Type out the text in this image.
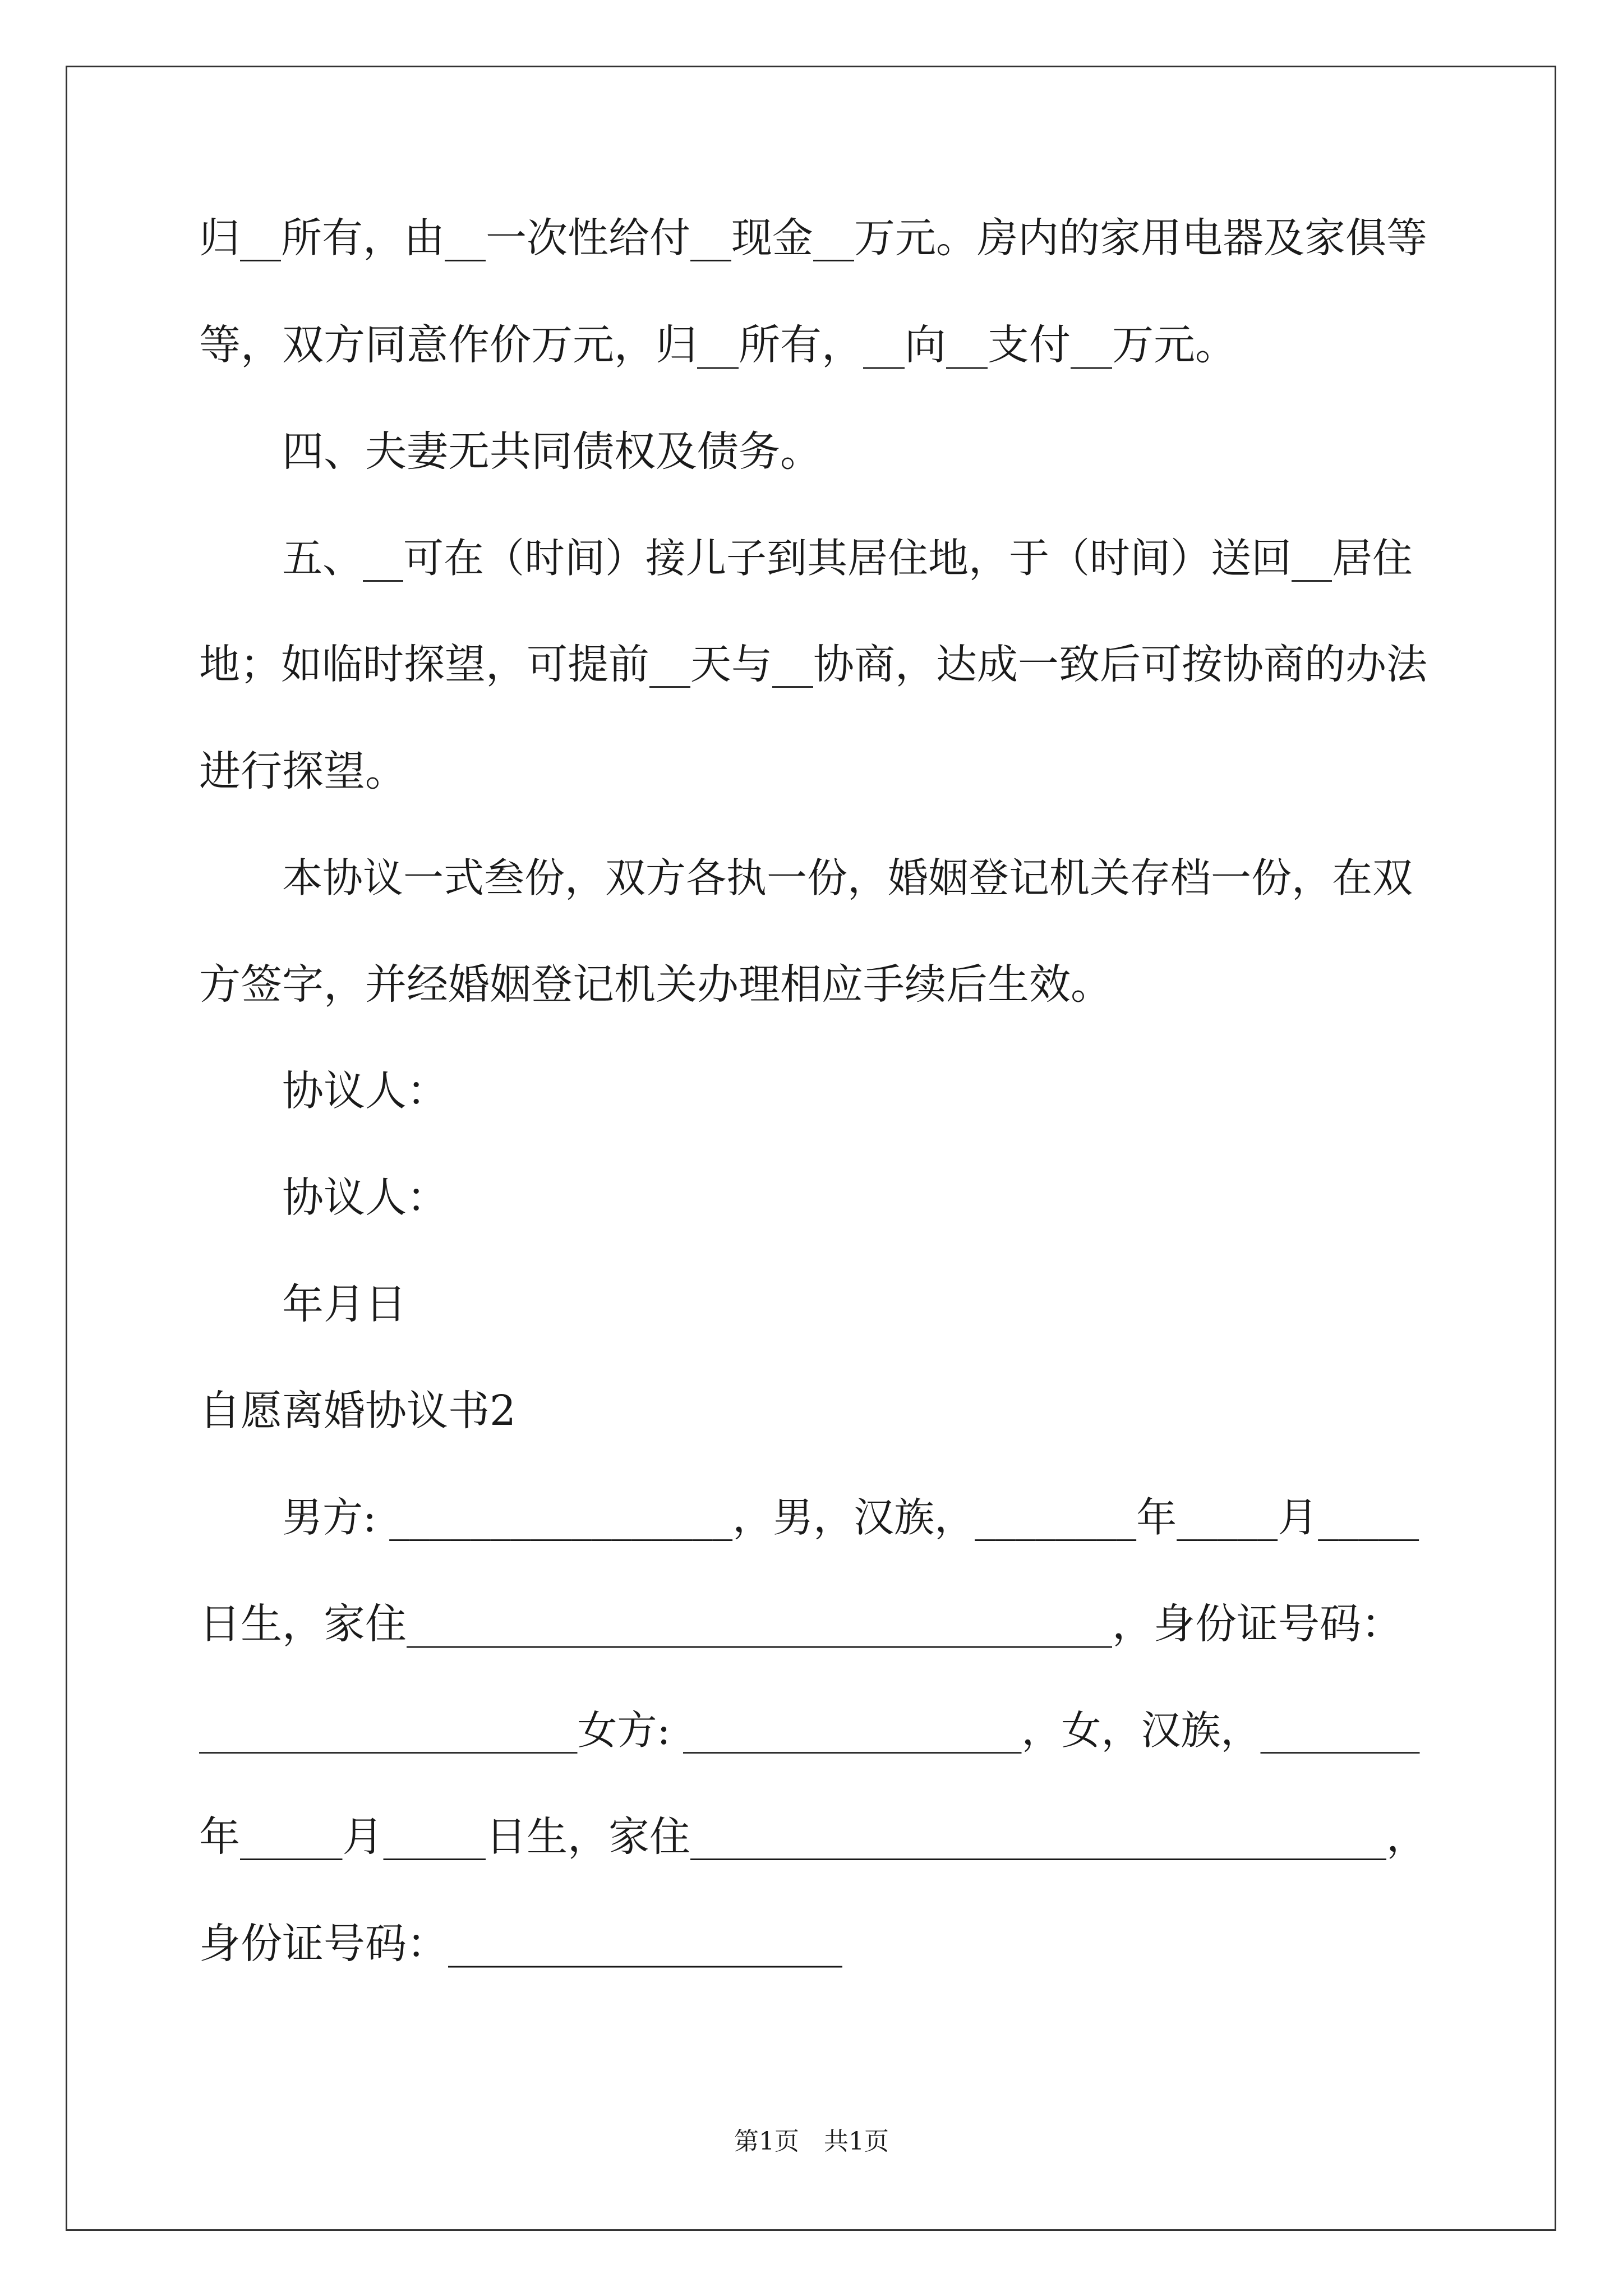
归 _ _ 所 有 ， 由 _ _ 一 次 性 给 付 _ _ 现 金 _ _ 万 元 。 房 内 的 家 用 电 器 及 家 俱 等
等，双方同意作价万元，归__所有，__向__支付__万元。
四、夫妻无共同债权及债务。
五、__可在（时间）接儿子到其居住地，于（时间）送回__居住
地；如临时探望，可提前__天与__协商，达成一致后可按协商的办法
进行探望。
本协议一式叁份，双方各执一份，婚姻登记机关存档一份，在双
方签字，并经婚姻登记机关办理相应手续后生效。
协议人：
协议人：
年月日
自愿离婚协议书2
男方: _________________，男，汉族，________年_____月_____
日生，家住__________________________________，身份证号码：
___________________女方: _________________，女，汉族，________
年_____月_____日生，家住__________________________________，
身份证号码：___________________
第1页　共1页
